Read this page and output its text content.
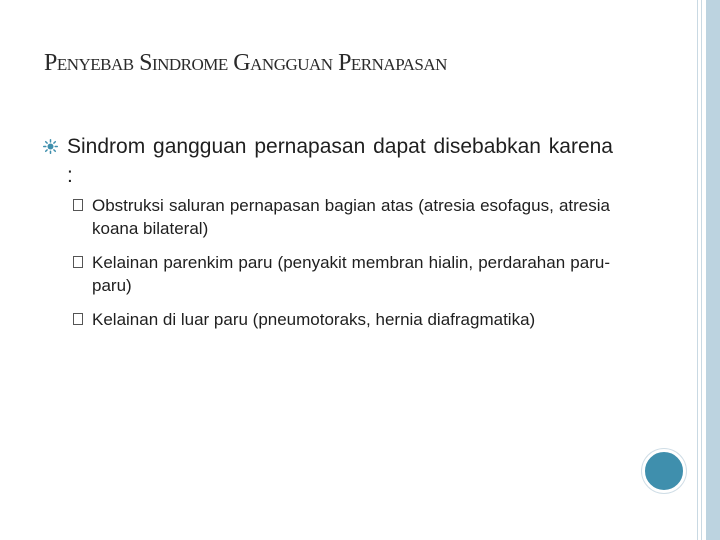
Penyebab Sindrome Gangguan Pernapasan
Sindrom gangguan pernapasan dapat disebabkan karena :
Obstruksi saluran pernapasan bagian atas (atresia esofagus, atresia koana bilateral)
Kelainan parenkim paru (penyakit membran hialin, perdarahan paru-paru)
Kelainan di luar paru (pneumotoraks, hernia diafragmatika)
